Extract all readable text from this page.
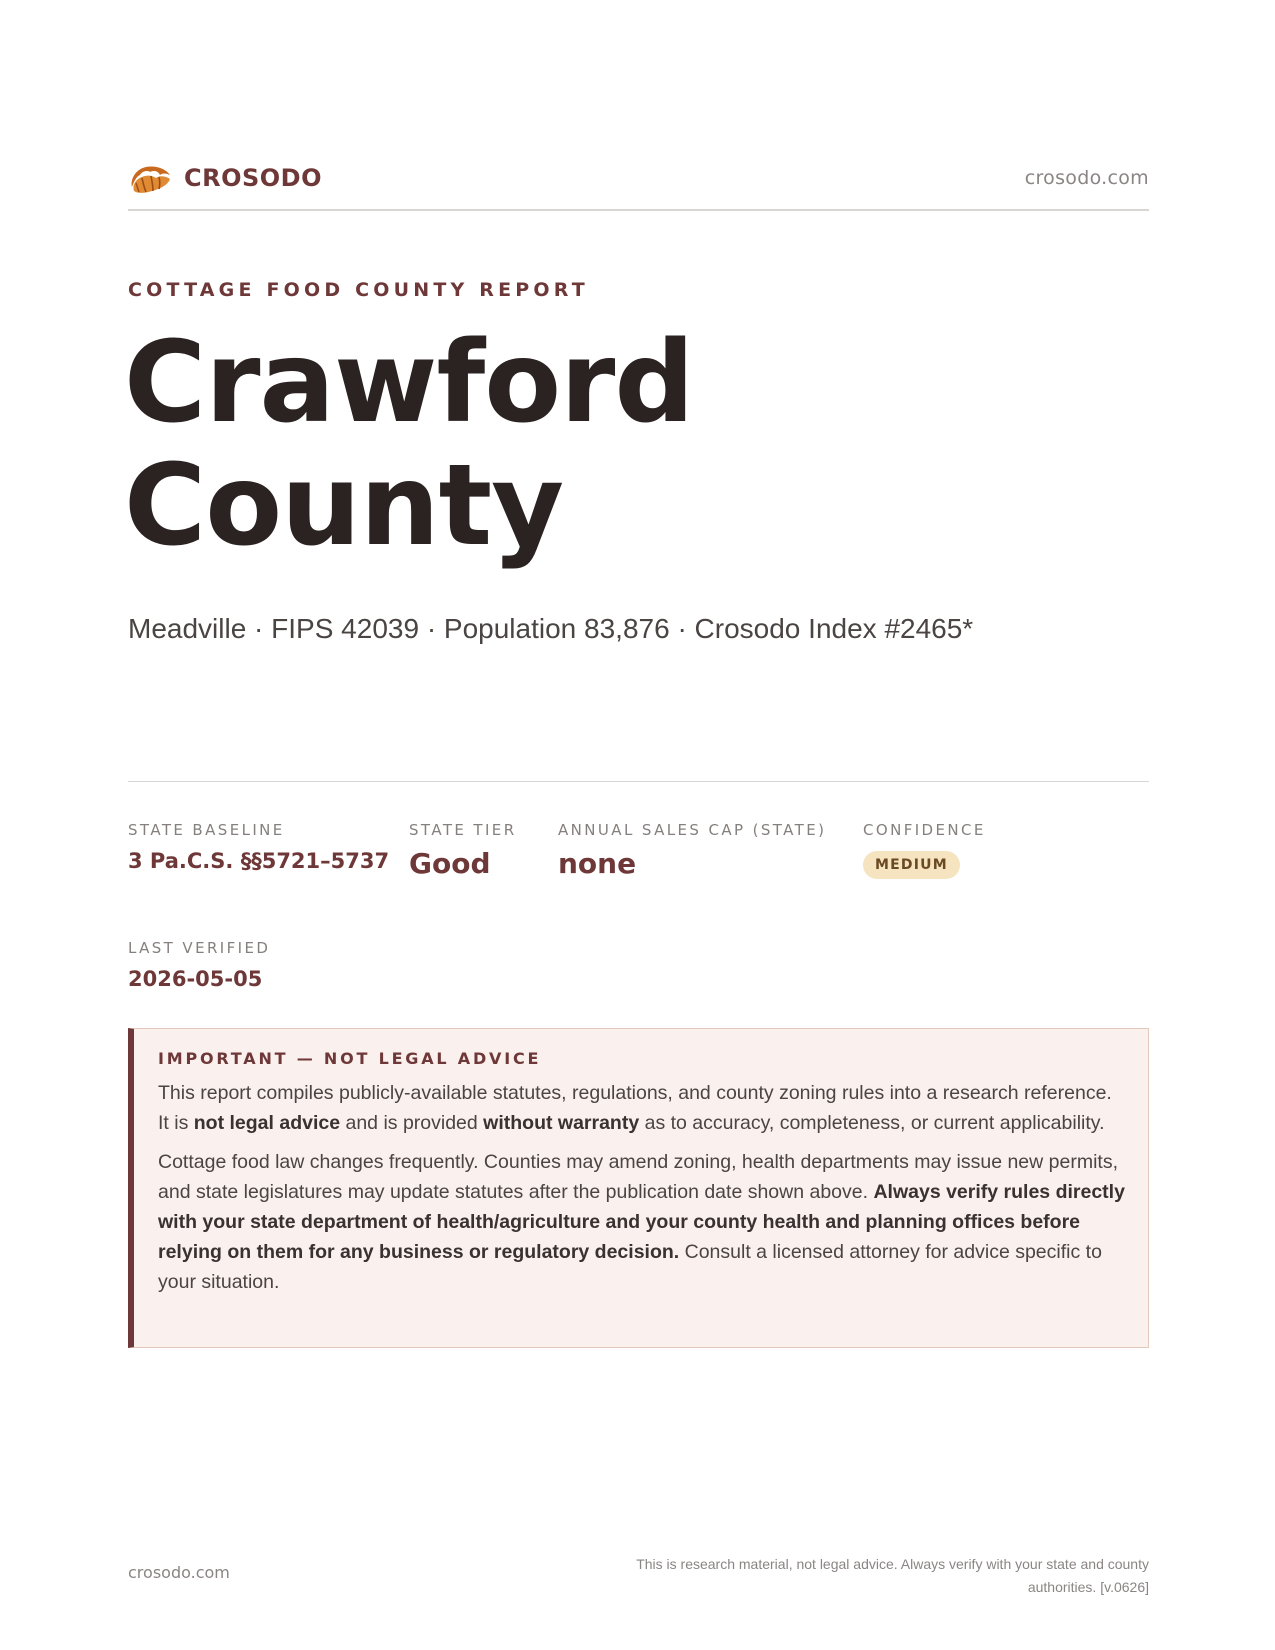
CROSODO	crosodo.com
COTTAGE FOOD COUNTY REPORT
Crawford County
Meadville · FIPS 42039 · Population 83,876 · Crosodo Index #2465*
STATE BASELINE
3 Pa.C.S. §§5721–5737
STATE TIER
Good
ANNUAL SALES CAP (STATE)
none
CONFIDENCE
MEDIUM
LAST VERIFIED
2026-05-05
IMPORTANT — NOT LEGAL ADVICE

This report compiles publicly-available statutes, regulations, and county zoning rules into a research reference. It is not legal advice and is provided without warranty as to accuracy, completeness, or current applicability.

Cottage food law changes frequently. Counties may amend zoning, health departments may issue new permits, and state legislatures may update statutes after the publication date shown above. Always verify rules directly with your state department of health/agriculture and your county health and planning offices before relying on them for any business or regulatory decision. Consult a licensed attorney for advice specific to your situation.

crosodo.com	This is research material, not legal advice. Always verify with your state and county authorities. [v.0626]
